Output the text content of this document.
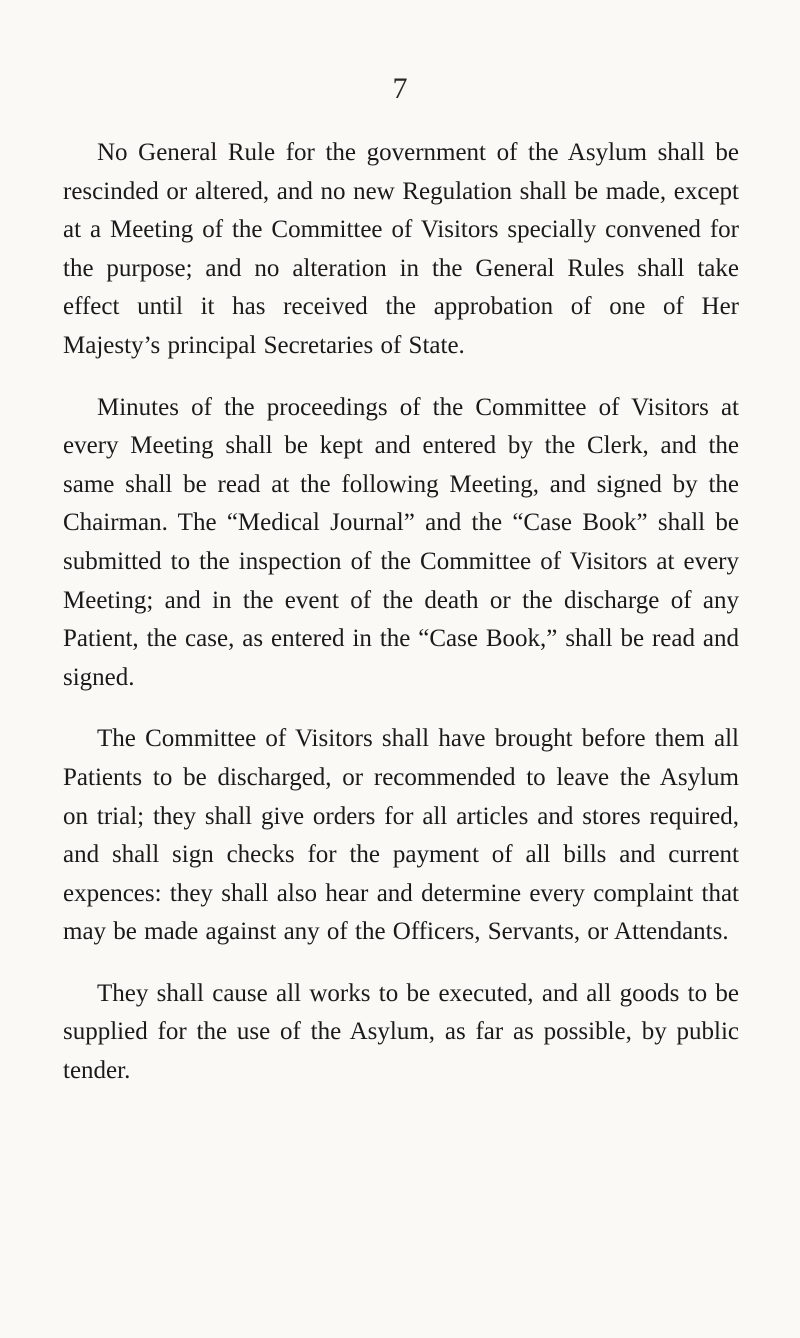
7

No General Rule for the government of the Asylum shall be rescinded or altered, and no new Regulation shall be made, except at a Meeting of the Committee of Visitors specially convened for the purpose; and no alteration in the General Rules shall take effect until it has received the approbation of one of Her Majesty’s principal Secretaries of State.

Minutes of the proceedings of the Committee of Visitors at every Meeting shall be kept and entered by the Clerk, and the same shall be read at the following Meeting, and signed by the Chairman. The “Medical Journal” and the “Case Book” shall be submitted to the inspection of the Committee of Visitors at every Meeting; and in the event of the death or the discharge of any Patient, the case, as entered in the “Case Book,” shall be read and signed.

The Committee of Visitors shall have brought before them all Patients to be discharged, or recommended to leave the Asylum on trial; they shall give orders for all articles and stores required, and shall sign checks for the payment of all bills and current expences: they shall also hear and determine every complaint that may be made against any of the Officers, Servants, or Attendants.

They shall cause all works to be executed, and all goods to be supplied for the use of the Asylum, as far as possible, by public tender.
